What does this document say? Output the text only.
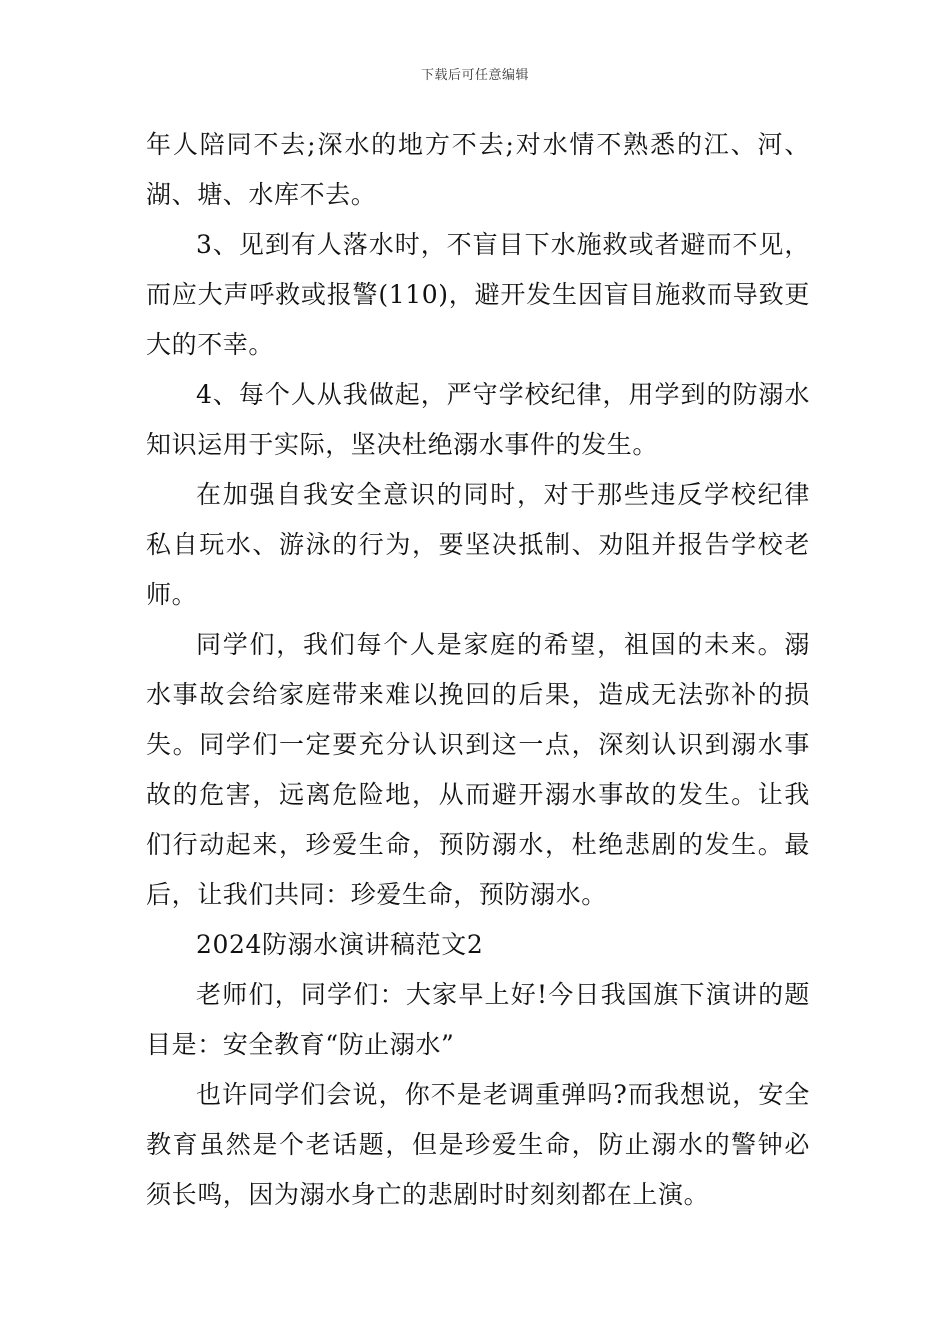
下载后可任意编辑

年人陪同不去;深水的地方不去;对水情不熟悉的江、河、湖、塘、水库不去。

3、见到有人落水时，不盲目下水施救或者避而不见，而应大声呼救或报警(110)，避开发生因盲目施救而导致更大的不幸。

4、每个人从我做起，严守学校纪律，用学到的防溺水知识运用于实际，坚决杜绝溺水事件的发生。

在加强自我安全意识的同时，对于那些违反学校纪律私自玩水、游泳的行为，要坚决抵制、劝阻并报告学校老师。

同学们，我们每个人是家庭的希望，祖国的未来。溺水事故会给家庭带来难以挽回的后果，造成无法弥补的损失。同学们一定要充分认识到这一点，深刻认识到溺水事故的危害，远离危险地，从而避开溺水事故的发生。让我们行动起来，珍爱生命，预防溺水，杜绝悲剧的发生。最后，让我们共同：珍爱生命，预防溺水。

2024防溺水演讲稿范文2

老师们，同学们：大家早上好!今日我国旗下演讲的题目是：安全教育“防止溺水”

也许同学们会说，你不是老调重弹吗?而我想说，安全教育虽然是个老话题，但是珍爱生命，防止溺水的警钟必须长鸣，因为溺水身亡的悲剧时时刻刻都在上演。
